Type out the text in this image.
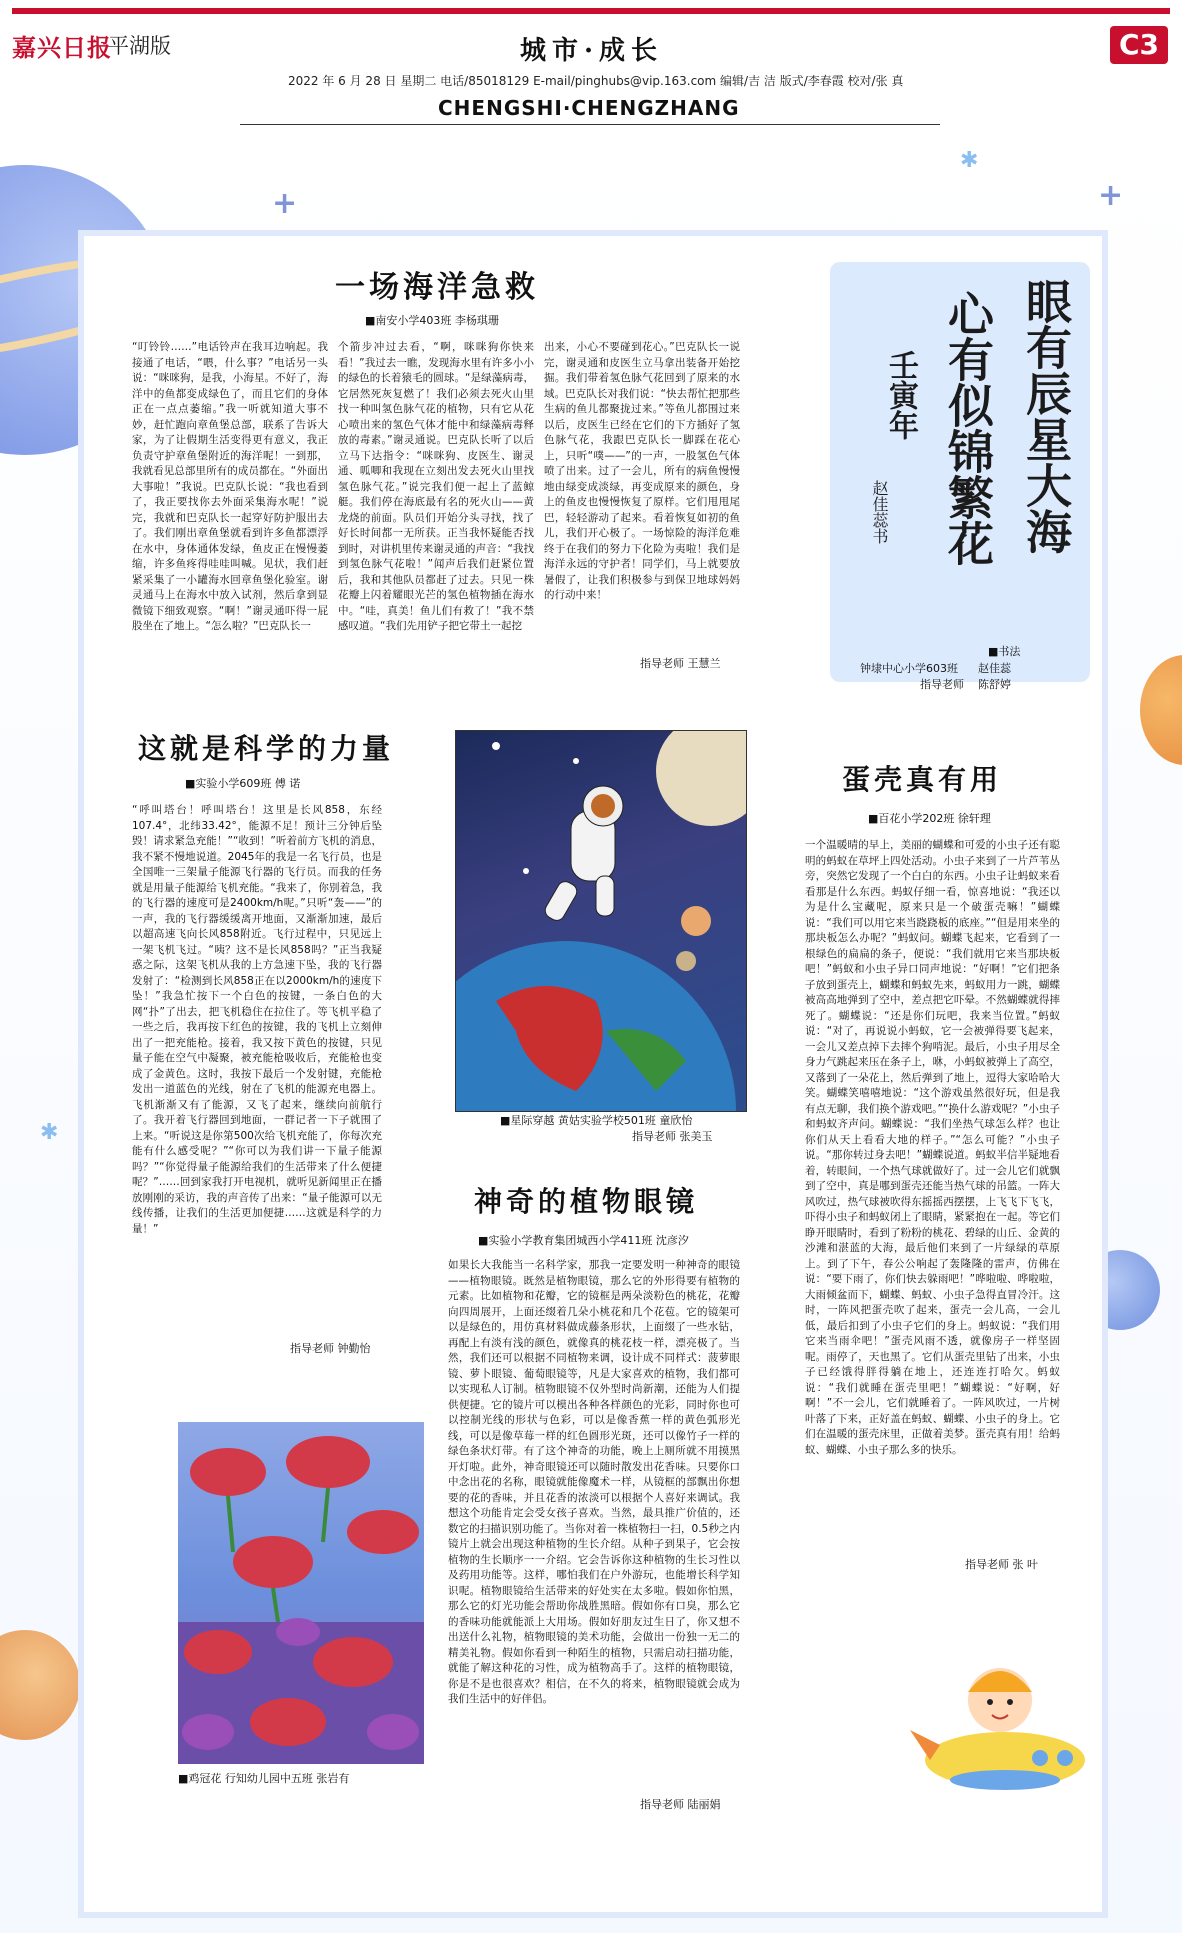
嘉兴日报
平湖版	城市·成长	C3
2022 年 6 月 28 日 星期二 电话/85018129 E-mail/pinghubs@vip.163.com 编辑/吉 洁 版式/李春霞 校对/张 真
CHENGSHI·CHENGZHANG
✱
+	+
✱
一场海洋急救
■南安小学403班 李杨琪珊
“叮铃铃……”电话铃声在我耳边响起。我接通了电话，“喂，什么事？”电话另一头说：“咪咪狗，是我，小海星。不好了，海洋中的鱼都变成绿色了，而且它们的身体正在一点点萎缩。”我一听就知道大事不妙，赶忙跑向章鱼堡总部，联系了告诉大家，为了让假期生活变得更有意义，我正负责守护章鱼堡附近的海洋呢！一到那，我就看见总部里所有的成员都在。“外面出大事啦！”我说。巴克队长说：“我也看到了，我正要找你去外面采集海水呢！”说完，我就和巴克队长一起穿好防护服出去了。我们刚出章鱼堡就看到许多鱼都漂浮在水中，身体通体发绿，鱼皮正在慢慢萎缩，许多鱼疼得哇哇叫喊。见状，我们赶紧采集了一小罐海水回章鱼堡化验室。谢灵通马上在海水中放入试剂，然后拿到显微镜下细致观察。“啊！”谢灵通吓得一屁股坐在了地上。“怎么啦？”巴克队长一
个箭步冲过去看，“啊，咪咪狗你快来看！”我过去一瞧，发现海水里有许多小小的绿色的长着猿毛的圆球。“是绿藻病毒，它居然死灰复燃了！我们必须去死火山里找一种叫氢色脉气花的植物，只有它从花心喷出来的氢色气体才能中和绿藻病毒释放的毒素。”谢灵通说。巴克队长听了以后立马下达指令：“咪咪狗、皮医生、谢灵通、呱唧和我现在立刻出发去死火山里找氢色脉气花。”说完我们便一起上了蓝鲸艇。我们停在海底最有名的死火山——黄龙烧的前面。队员们开始分头寻找，找了好长时间都一无所获。正当我怀疑能否找到时，对讲机里传来谢灵通的声音：“我找到氢色脉气花啦！”闻声后我们赶紧位置后，我和其他队员都赶了过去。只见一株花瓣上闪着耀眼光芒的氢色植物插在海水中。“哇，真美！鱼儿们有救了！”我不禁感叹道。“我们先用铲子把它带土一起挖
出来，小心不要碰到花心。”巴克队长一说完，谢灵通和皮医生立马拿出装备开始挖掘。我们带着氢色脉气花回到了原来的水域。巴克队长对我们说：“快去帮忙把那些生病的鱼儿都聚拢过来。”等鱼儿都围过来以后，皮医生已经在它们的下方插好了氢色脉气花，我跟巴克队长一脚踩在花心上，只听“噗——”的一声，一股氢色气体喷了出来。过了一会儿，所有的病鱼慢慢地由绿变成淡绿，再变成原来的颜色，身上的鱼皮也慢慢恢复了原样。它们甩甩尾巴，轻轻游动了起来。看着恢复如初的鱼儿，我们开心极了。一场惊险的海洋危难终于在我们的努力下化险为夷啦！我们是海洋永远的守护者！同学们，马上就要放暑假了，让我们积极参与到保卫地球妈妈的行动中来！
指导老师 王慧兰
眼有辰星大海
心有似锦繁花
壬寅年
赵佳蕊书
■书法
钟埭中心小学603班 赵佳蕊
指导老师 陈舒婷
这就是科学的力量
■实验小学609班 傅 诺
“呼叫塔台！呼叫塔台！这里是长风858，东经107.4°，北纬33.42°，能源不足！预计三分钟后坠毁！请求紧急充能！”“收到！”听着前方飞机的消息，我不紧不慢地说道。2045年的我是一名飞行员，也是全国唯一三架量子能源飞行器的飞行员。而我的任务就是用量子能源给飞机充能。“我来了，你别着急，我的飞行器的速度可是2400km/h呢。”只听“轰——”的一声，我的飞行器缓缓离开地面，又渐渐加速，最后以超高速飞向长风858附近。飞行过程中，只见远上一架飞机飞过。“咦？这不是长风858吗？”正当我疑惑之际，这架飞机从我的上方急速下坠，我的飞行器发射了：“检测到长风858正在以2000km/h的速度下坠！”我急忙按下一个白色的按键，一条白色的大网“扑”了出去，把飞机稳住在拉住了。等飞机平稳了一些之后，我再按下红色的按键，我的飞机上立刻伸出了一把充能枪。接着，我又按下黄色的按键，只见量子能在空气中凝聚，被充能枪吸收后，充能枪也变成了金黄色。这时，我按下最后一个发射键，充能枪发出一道蓝色的光线，射在了飞机的能源充电器上。飞机渐渐又有了能源，又飞了起来，继续向前航行了。我开着飞行器回到地面，一群记者一下子就围了上来。“听说这是你第500次给飞机充能了，你每次充能有什么感受呢？”“你可以为我们讲一下量子能源吗？”“你觉得量子能源给我们的生活带来了什么便捷呢？”……回到家我打开电视机，就听见新闻里正在播放刚刚的采访，我的声音传了出来：“量子能源可以无线传播，让我们的生活更加便捷……这就是科学的力量！”
指导老师 钟勤怡
■星际穿越 黄姑实验学校501班 童欣怡
指导老师 张美玉
神奇的植物眼镜
■实验小学教育集团城西小学411班 沈彦汐
如果长大我能当一名科学家，那我一定要发明一种神奇的眼镜——植物眼镜。既然是植物眼镜，那么它的外形得要有植物的元素。比如植物和花瓣，它的镜框是两朵淡粉色的桃花，花瓣向四周展开，上面还缀着几朵小桃花和几个花苞。它的镜架可以是绿色的，用仿真材料做成藤条形状，上面缀了一些水钻，再配上有淡有浅的颜色，就像真的桃花枝一样，漂亮极了。当然，我们还可以根据不同植物来调，设计成不同样式：菠萝眼镜、萝卜眼镜、葡萄眼镜等，凡是大家喜欢的植物，我们都可以实现私人订制。植物眼镜不仅外型时尚新潮，还能为人们提供便捷。它的镜片可以模出各种各样颜色的光彩，同时你也可以控制光线的形状与色彩，可以是像香蕉一样的黄色弧形光线，可以是像草莓一样的红色圆形光斑，还可以像竹子一样的绿色条状灯带。有了这个神奇的功能，晚上上厕所就不用摸黑开灯啦。此外，神奇眼镜还可以随时散发出花香味。只要你口中念出花的名称，眼镜就能像魔术一样，从镜框的部飘出你想要的花的香味，并且花香的浓淡可以根据个人喜好来调试。我想这个功能肯定会受女孩子喜欢。当然，最具推广价值的，还数它的扫描识别功能了。当你对着一株植物扫一扫，0.5秒之内镜片上就会出现这种植物的生长介绍。从种子到果子，它会按植物的生长顺序一一介绍。它会告诉你这种植物的生长习性以及药用功能等。这样，哪怕我们在户外游玩，也能增长科学知识呢。植物眼镜给生活带来的好处实在太多啦。假如你怕黑，那么它的灯光功能会帮助你战胜黑暗。假如你有口臭，那么它的香味功能就能派上大用场。假如好朋友过生日了，你又想不出送什么礼物，植物眼镜的美术功能，会做出一份独一无二的精美礼物。假如你看到一种陌生的植物，只需启动扫描功能，就能了解这种花的习性，成为植物高手了。这样的植物眼镜，你是不是也很喜欢？相信，在不久的将来，植物眼镜就会成为我们生活中的好伴侣。
指导老师 陆丽娟
■鸡冠花 行知幼儿园中五班 张岩有
蛋壳真有用
■百花小学202班 徐轩理
一个温暖晴的早上，美丽的蝴蝶和可爱的小虫子还有聪明的蚂蚁在草坪上四处活动。小虫子来到了一片芦苇丛旁，突然它发现了一个白白的东西。小虫子让蚂蚁来看看那是什么东西。蚂蚁仔细一看，惊喜地说：“我还以为是什么宝藏呢，原来只是一个破蛋壳嘛！”蝴蝶说：“我们可以用它来当跷跷板的底座。”“但是用来坐的那块板怎么办呢？”蚂蚁问。蝴蝶飞起来，它看到了一根绿色的扁扁的条子，便说：“我们就用它来当那块板吧！”蚂蚁和小虫子异口同声地说：“好啊！”它们把条子放到蛋壳上，蝴蝶和蚂蚁先来，蚂蚁用力一跳，蝴蝶被高高地弹到了空中，差点把它吓晕。不然蝴蝶就得摔死了。蝴蝶说：“还是你们玩吧，我来当位置。”蚂蚁说：“对了，再说说小蚂蚁，它一会被弹得要飞起来，一会儿又差点掉下去摔个狗啃泥。最后，小虫子用尽全身力气跳起来压在条子上，咻，小蚂蚁被弹上了高空，又落到了一朵花上，然后弹到了地上，逗得大家哈哈大笑。蝴蝶笑嘻嘻地说：“这个游戏虽然很好玩，但是我有点无聊，我们换个游戏吧。”“换什么游戏呢？”小虫子和蚂蚁齐声问。蝴蝶说：“我们坐热气球怎么样？也让你们从天上看看大地的样子。”“怎么可能？”小虫子说。“那你转过身去吧！”蝴蝶说道。蚂蚁半信半疑地看着，转眼间，一个热气球就做好了。过一会儿它们就飘到了空中，真是哪到蛋壳还能当热气球的吊篮。一阵大风吹过，热气球被吹得东摇摇西摆摆，上飞飞下飞飞，吓得小虫子和蚂蚁闭上了眼睛，紧紧抱在一起。等它们睁开眼睛时，看到了粉粉的桃花、碧绿的山丘、金黄的沙滩和湛蓝的大海，最后他们来到了一片绿绿的草原上。到了下午，春公公响起了轰隆隆的雷声，仿佛在说：“要下雨了，你们快去躲雨吧！”哗啦啦、哗啦啦，大雨倾盆而下，蝴蝶、蚂蚁、小虫子急得直冒冷汗。这时，一阵风把蛋壳吹了起来，蛋壳一会儿高，一会儿低，最后扣到了小虫子它们的身上。蚂蚁说：“我们用它来当雨伞吧！”蛋壳风雨不透，就像房子一样坚固呢。雨停了，天也黑了。它们从蛋壳里钻了出来，小虫子已经饿得胖得躺在地上，还连连打哈欠。蚂蚁说：“我们就睡在蛋壳里吧！”蝴蝶说：“好啊，好啊！”不一会儿，它们就睡着了。一阵风吹过，一片树叶落了下来，正好盖在蚂蚁、蝴蝶、小虫子的身上。它们在温暖的蛋壳床里，正做着美梦。蛋壳真有用！给蚂蚁、蝴蝶、小虫子那么多的快乐。
指导老师 张 叶
